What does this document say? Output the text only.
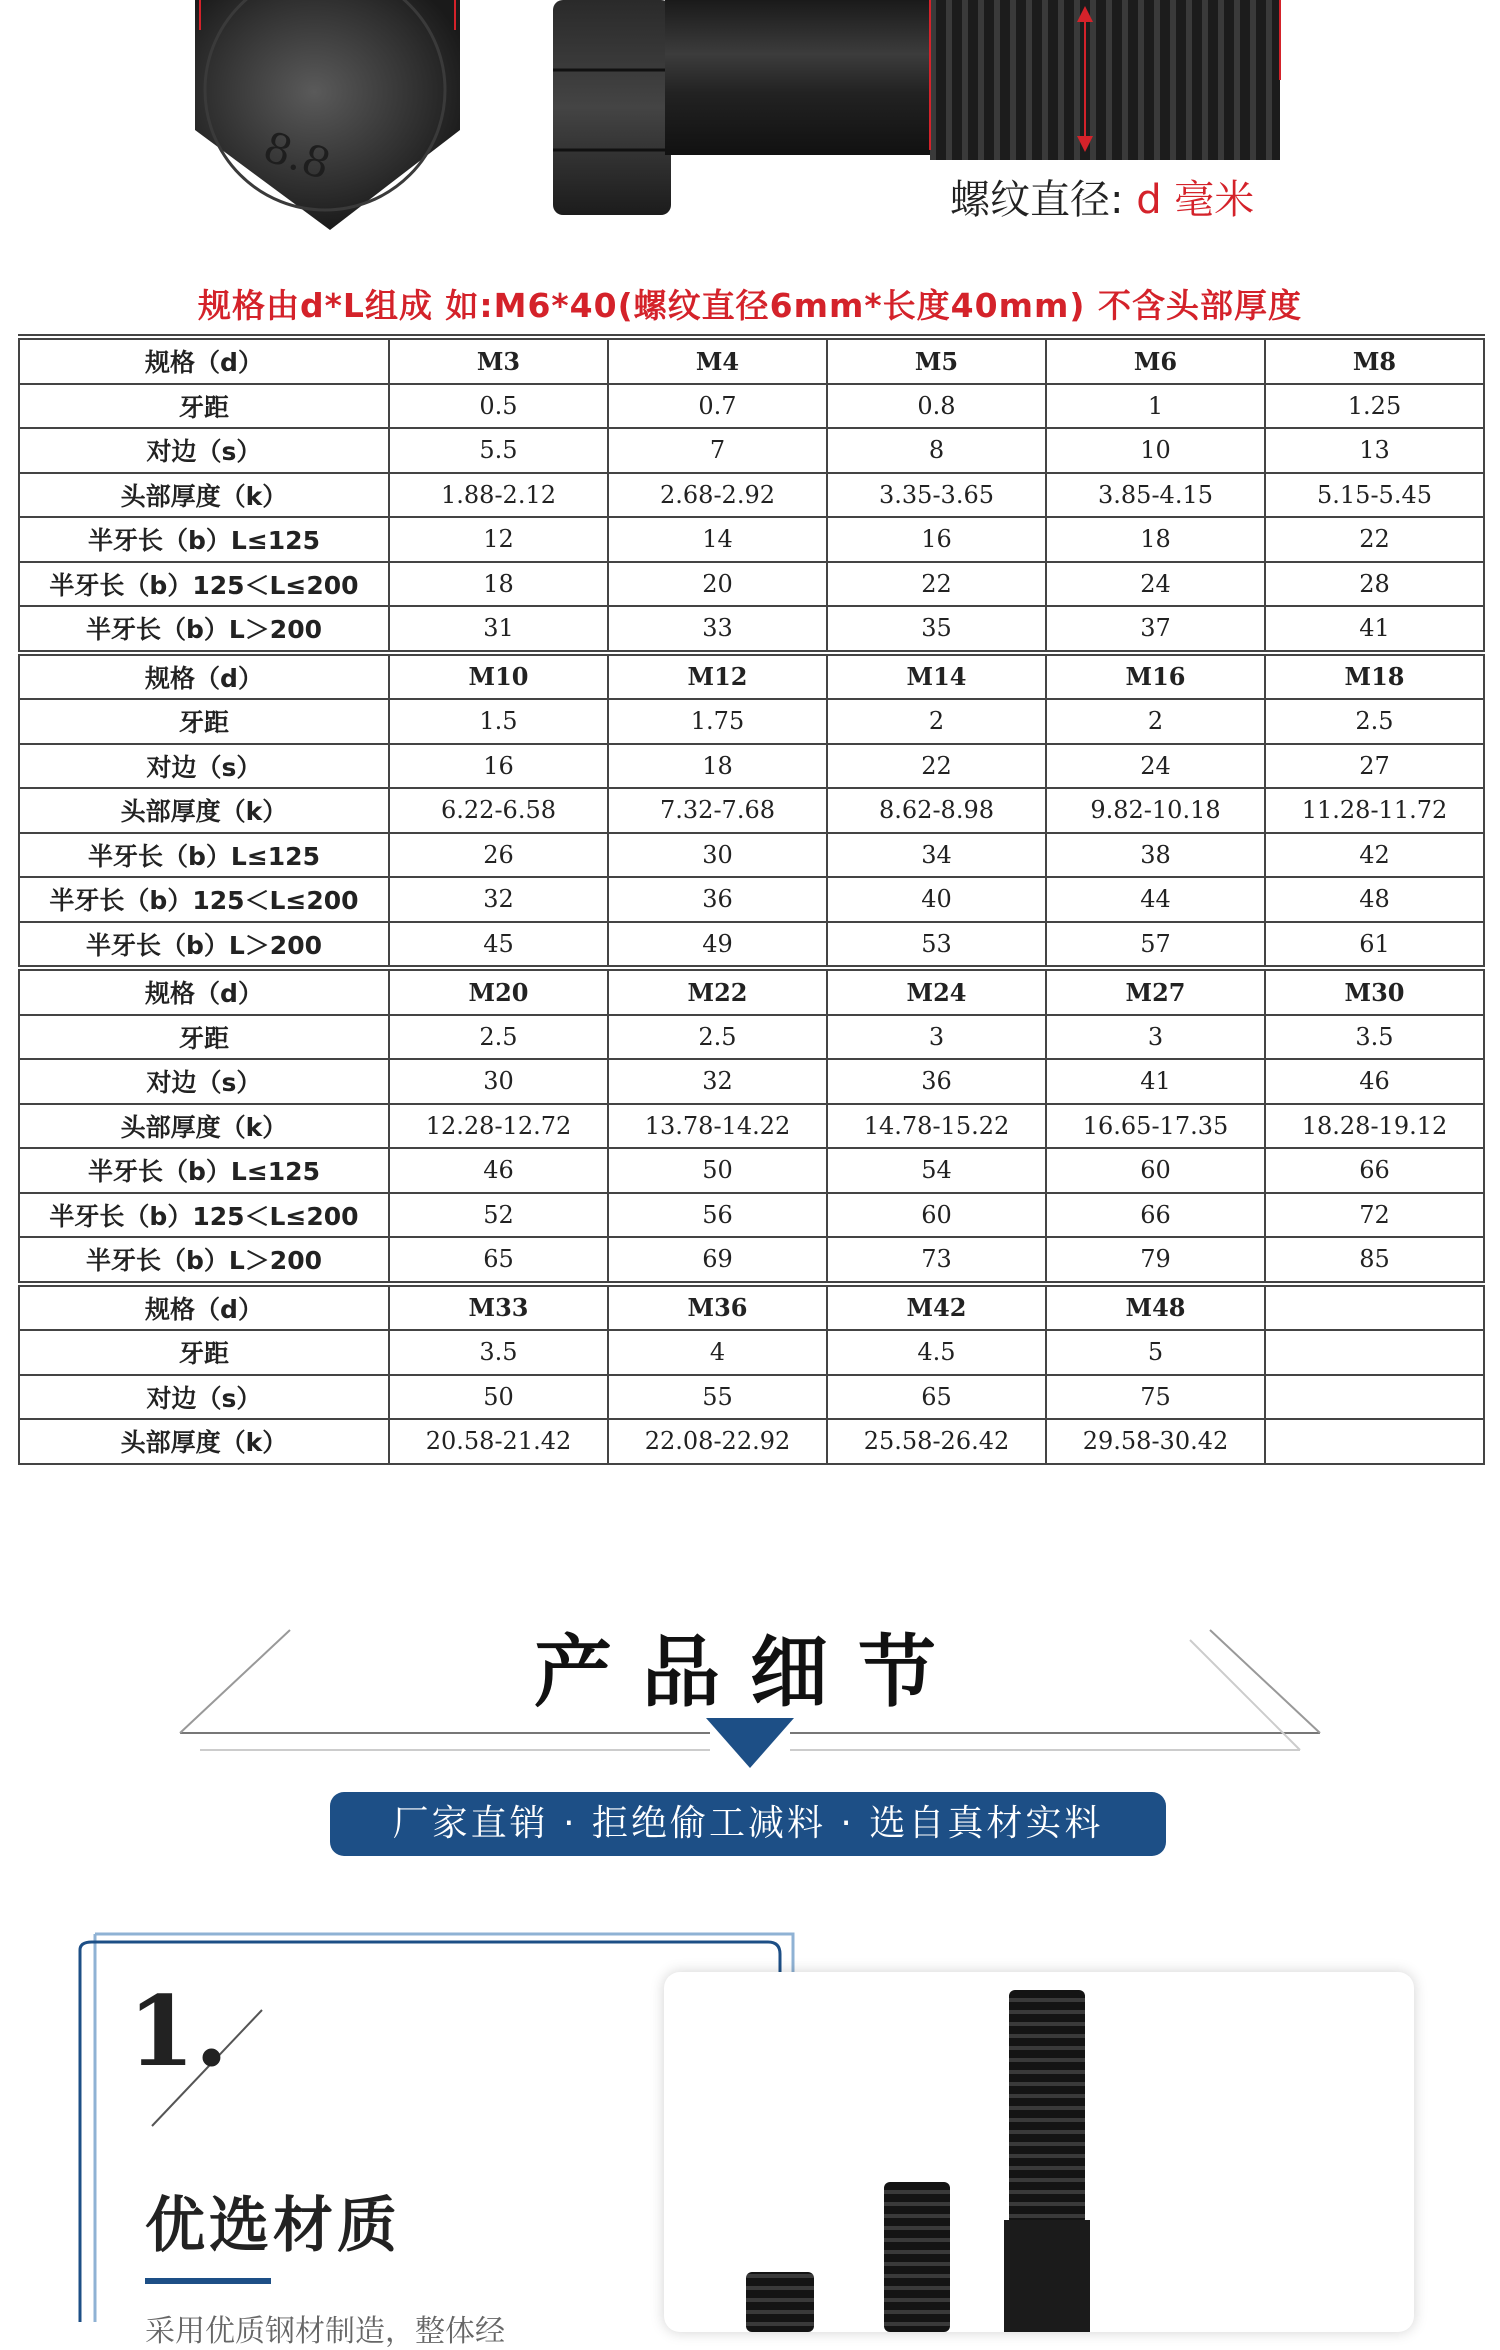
8.8
螺纹直径: d 毫米
规格由d*L组成 如:M6*40(螺纹直径6mm*长度40mm) 不含头部厚度
规格（d）	M3	M4	M5	M6	M8
牙距	0.5	0.7	0.8	1	1.25
对边（s）	5.5	7	8	10	13
头部厚度（k）	1.88-2.12	2.68-2.92	3.35-3.65	3.85-4.15	5.15-5.45
半牙长（b）L≤125	12	14	16	18	22
半牙长（b）125＜L≤200	18	20	22	24	28
半牙长（b）L＞200	31	33	35	37	41
规格（d）	M10	M12	M14	M16	M18
牙距	1.5	1.75	2	2	2.5
对边（s）	16	18	22	24	27
头部厚度（k）	6.22-6.58	7.32-7.68	8.62-8.98	9.82-10.18	11.28-11.72
半牙长（b）L≤125	26	30	34	38	42
半牙长（b）125＜L≤200	32	36	40	44	48
半牙长（b）L＞200	45	49	53	57	61
规格（d）	M20	M22	M24	M27	M30
牙距	2.5	2.5	3	3	3.5
对边（s）	30	32	36	41	46
头部厚度（k）	12.28-12.72	13.78-14.22	14.78-15.22	16.65-17.35	18.28-19.12
半牙长（b）L≤125	46	50	54	60	66
半牙长（b）125＜L≤200	52	56	60	66	72
半牙长（b）L＞200	65	69	73	79	85
规格（d）	M33	M36	M42	M48	
牙距	3.5	4	4.5	5	
对边（s）	50	55	65	75	
头部厚度（k）	20.58-21.42	22.08-22.92	25.58-26.42	29.58-30.42	
产品细节
厂家直销 · 拒绝偷工减料 · 选自真材实料
1.
优选材质
采用优质钢材制造，整体经
